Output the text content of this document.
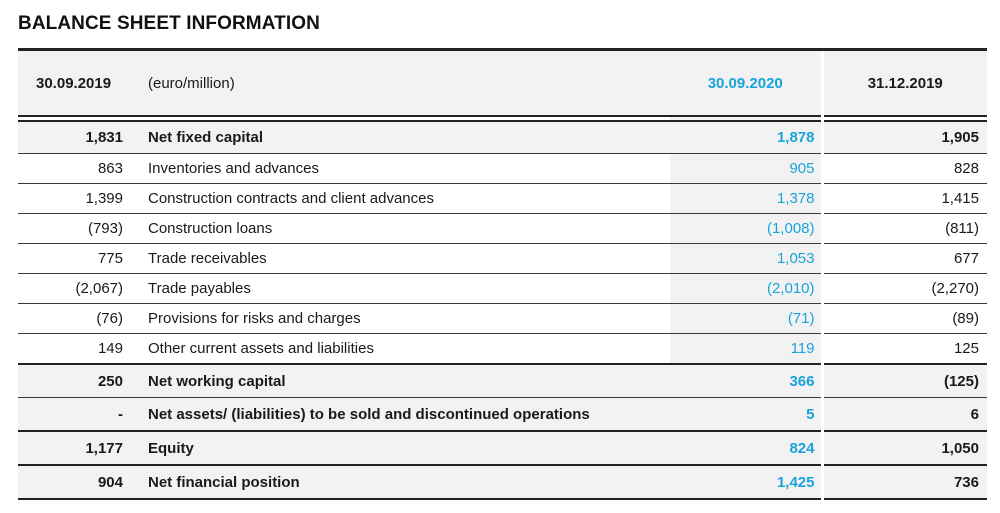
BALANCE SHEET INFORMATION
30.09.2019	(euro/million)	30.09.2020	31.12.2019

1,831	Net fixed capital	1,878	1,905
863	Inventories and advances	905	828
1,399	Construction contracts and client advances	1,378	1,415
(793)	Construction loans	(1,008)	(811)
775	Trade receivables	1,053	677
(2,067)	Trade payables	(2,010)	(2,270)
(76)	Provisions for risks and charges	(71)	(89)
149	Other current assets and liabilities	119	125
250	Net working capital	366	(125)
-	Net assets/ (liabilities) to be sold and discontinued operations	5	6
1,177	Equity	824	1,050
904	Net financial position	1,425	736
